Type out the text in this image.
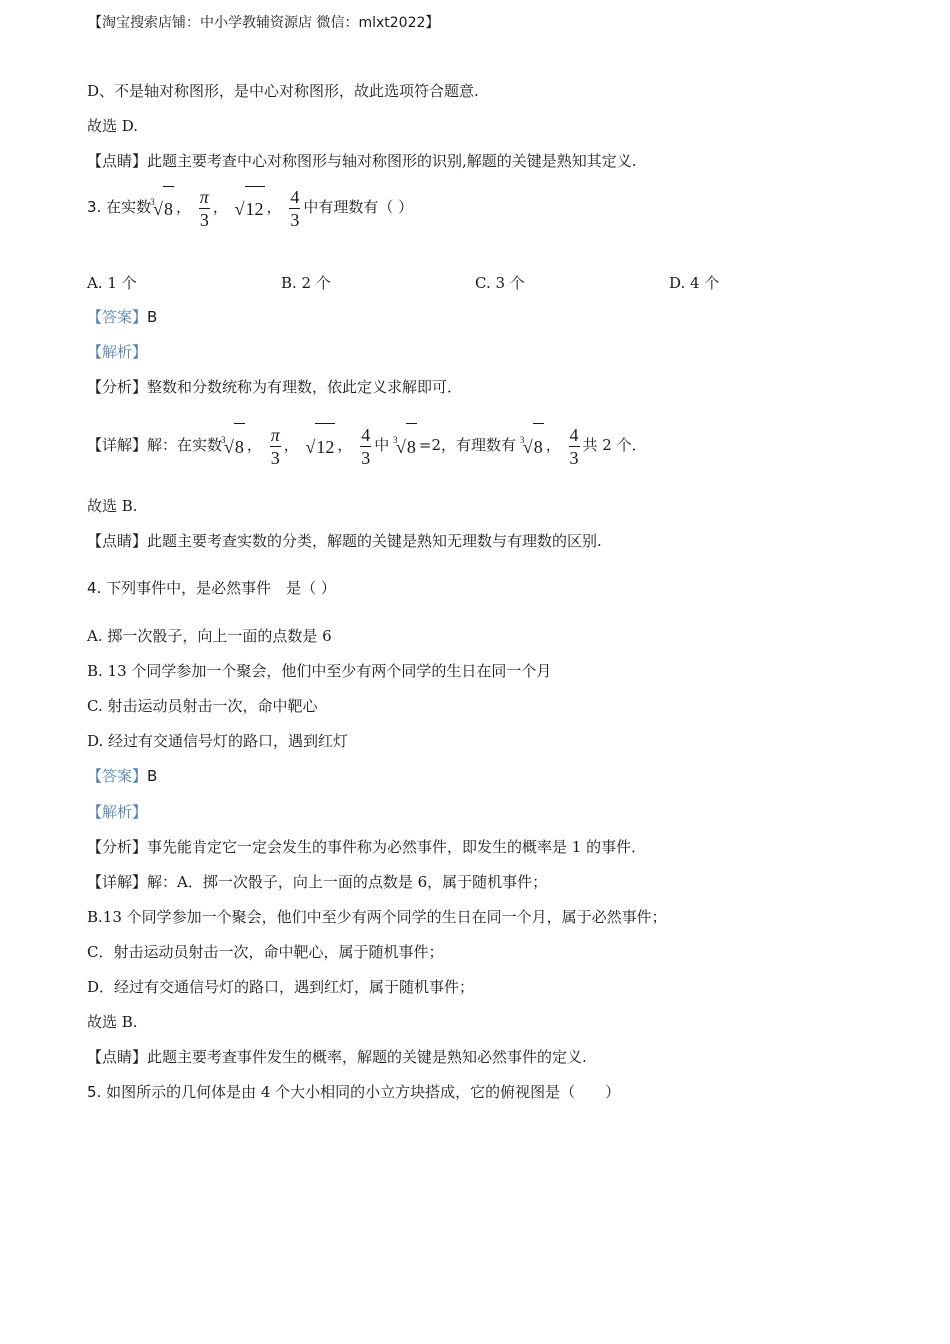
【淘宝搜索店铺：中小学教辅资源店 微信：mlxt2022】
D、不是轴对称图形，是中心对称图形，故此选项符合题意.
故选 D.
【点睛】此题主要考查中心对称图形与轴对称图形的识别,解题的关键是熟知其定义.
3. 在实数 3
√8 ， $\frac{\pi}{3}$ ， √12 ， $\frac{4}{3}$ 中有理数有（ ）
A. 1 个	B. 2 个	C. 3 个	D. 4 个
【答案】B
【解析】
【分析】整数和分数统称为有理数，依此定义求解即可．
【详解】解：在实数 3
√8 ， $\frac{\pi}{3}$ ， √12 ， $\frac{4}{3}$ 中 3
√8 =2，有理数有 3
√8 ， $\frac{4}{3}$ 共 2 个．
故选 B.
【点睛】此题主要考查实数的分类，解题的关键是熟知无理数与有理数的区别.
4. 下列事件中，是必然事件　是（ ）
A. 掷一次骰子，向上一面的点数是 6
B. 13 个同学参加一个聚会，他们中至少有两个同学的生日在同一个月
C. 射击运动员射击一次，命中靶心
D. 经过有交通信号灯的路口，遇到红灯
【答案】B
【解析】
【分析】事先能肯定它一定会发生的事件称为必然事件，即发生的概率是 1 的事件．
【详解】解：A．掷一次骰子，向上一面的点数是 6，属于随机事件；
B.13 个同学参加一个聚会，他们中至少有两个同学的生日在同一个月，属于必然事件；
C．射击运动员射击一次，命中靶心，属于随机事件；
D．经过有交通信号灯的路口，遇到红灯，属于随机事件；
故选 B.
【点睛】此题主要考查事件发生的概率，解题的关键是熟知必然事件的定义.
5. 如图所示的几何体是由 4 个大小相同的小立方块搭成，它的俯视图是（　　）
